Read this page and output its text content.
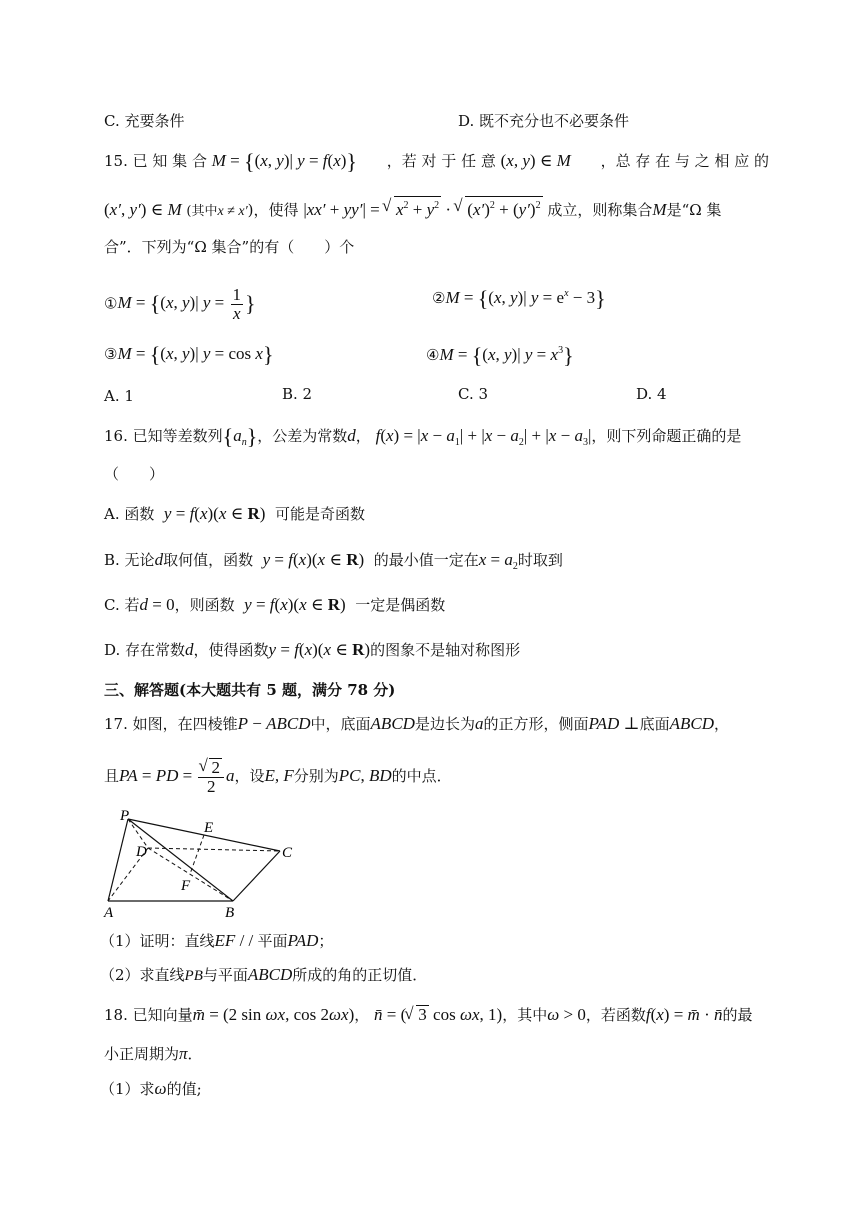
C. 充要条件	D. 既不充分也不必要条件
15. 已 知 集 合 M = {(x, y)| y = f(x)} ，若 对 于 任 意 (x, y) ∈ M ，总 存 在 与 之 相 应 的
(x′, y′) ∈ M (其中x ≠ x′)，使得 |xx′ + yy′| = √ $x^2 + y^2$ · √ $(x')^2 + (y')^2$ 成立，则称集合M是“Ω 集
合”．下列为“Ω 集合”的有（　　）个
①M = {(x, y)| $y = \frac{1}{x}$ }	②M = {(x, y)| $y = e^x - 3$}
③M = {(x, y)| y = cos x}	④M = {(x, y)| $y = x^3$}
A. 1	B. 2	C. 3	D. 4
16. 已知等差数列$\{a_n\}$，公差为常数d， $f(x) = |x - a_1| + |x - a_2| + |x - a_3|$，则下列命题正确的是
（　　）
A. 函数 y = f(x)(x ∈ R) 可能是奇函数
B. 无论d取何值，函数 y = f(x)(x ∈ R) 的最小值一定在$x = a_2$时取到
C. 若d = 0，则函数 y = f(x)(x ∈ R) 一定是偶函数
D. 存在常数d，使得函数y = f(x)(x ∈ R)的图象不是轴对称图形
三、解答题(本大题共有 5 题，满分 78 分)
17. 如图，在四棱锥P − ABCD中，底面ABCD是边长为a的正方形，侧面PAD ⊥底面ABCD，
且PA = PD = √ $\frac{2}{2}$ a，设E, F分别为PC, BD的中点．
P
E
D	C
F
A	B
（1）证明：直线EF / / 平面PAD；
（2）求直线PB与平面ABCD所成的角的正切值．
18. 已知向量m̄ = (2 sin ωx, cos 2ωx)， n̄ = ( √ 3 cos ωx, 1)，其中ω > 0，若函数f(x) = m̄ · n̄的最
小正周期为π．
（1）求ω的值;
